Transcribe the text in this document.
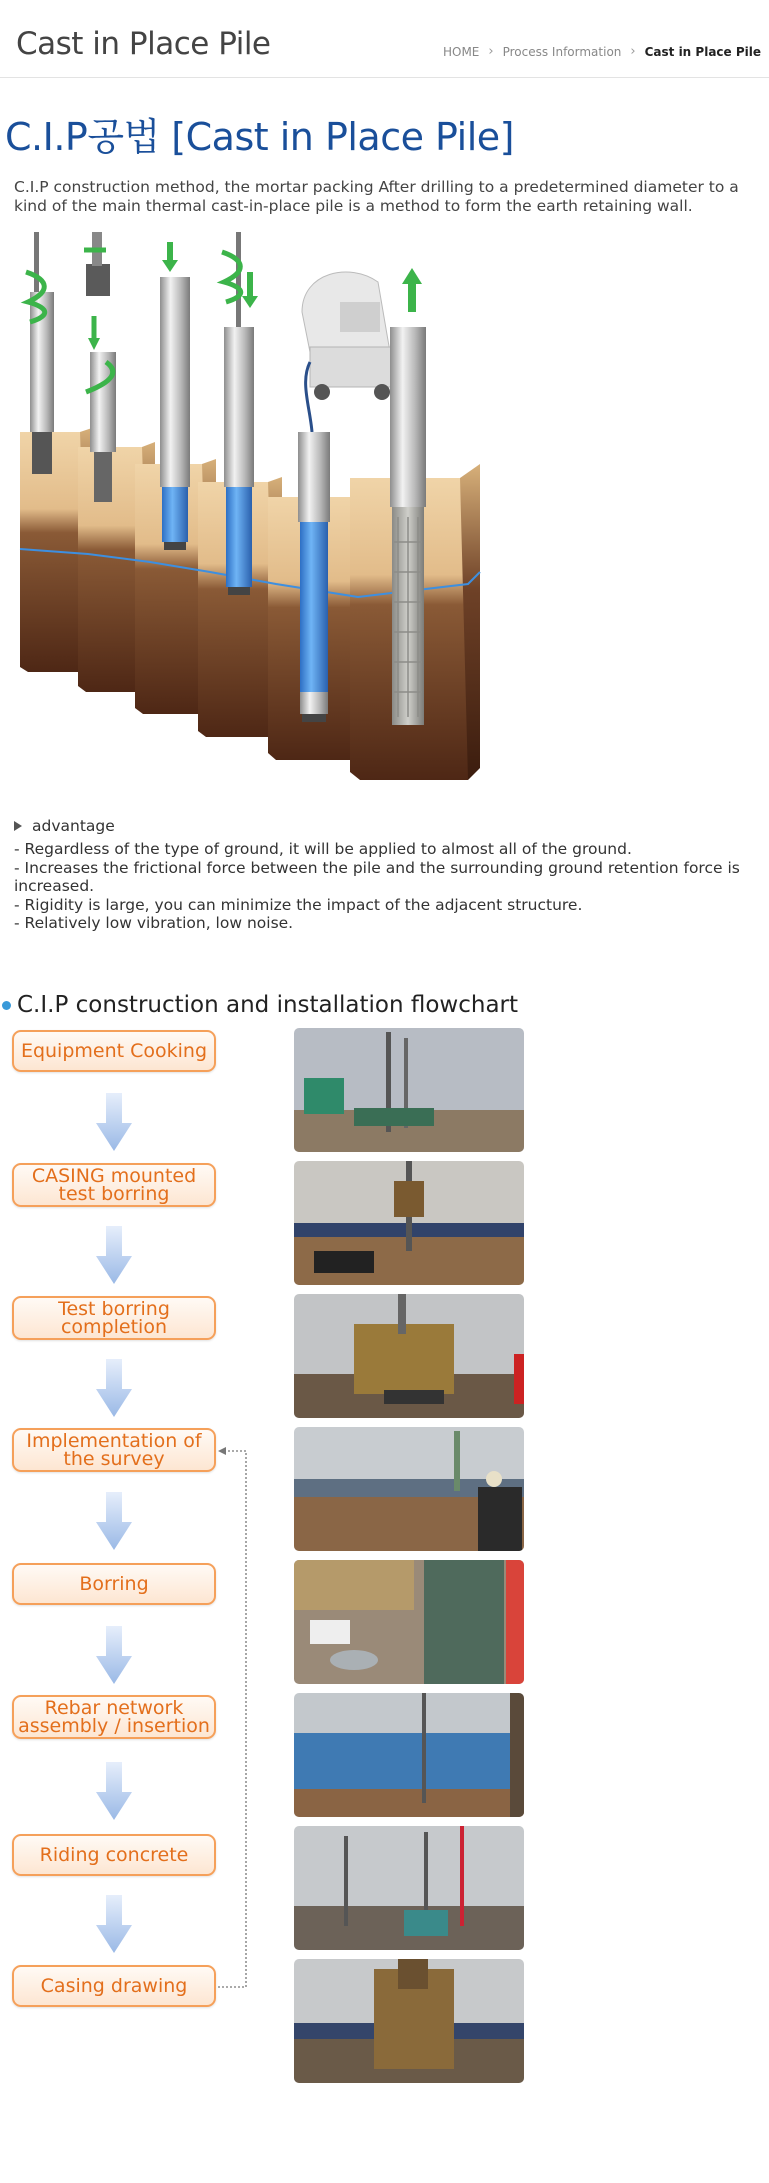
Cast in Place Pile	HOME › Process Information › Cast in Place Pile
C.I.P공법 [Cast in Place Pile]
C.I.P construction method, the mortar packing After drilling to a predetermined diameter to a kind of the main thermal cast-in-place pile is a method to form the earth retaining wall.
advantage
- Regardless of the type of ground, it will be applied to almost all of the ground.
- Increases the frictional force between the pile and the surrounding ground retention force is increased.
- Rigidity is large, you can minimize the impact of the adjacent structure.
- Relatively low vibration, low noise.
C.I.P construction and installation flowchart
Equipment Cooking
CASING mounted
test borring
Test borring
completion
Implementation of
the survey
Borring
Rebar network
assembly / insertion
Riding concrete
Casing drawing
